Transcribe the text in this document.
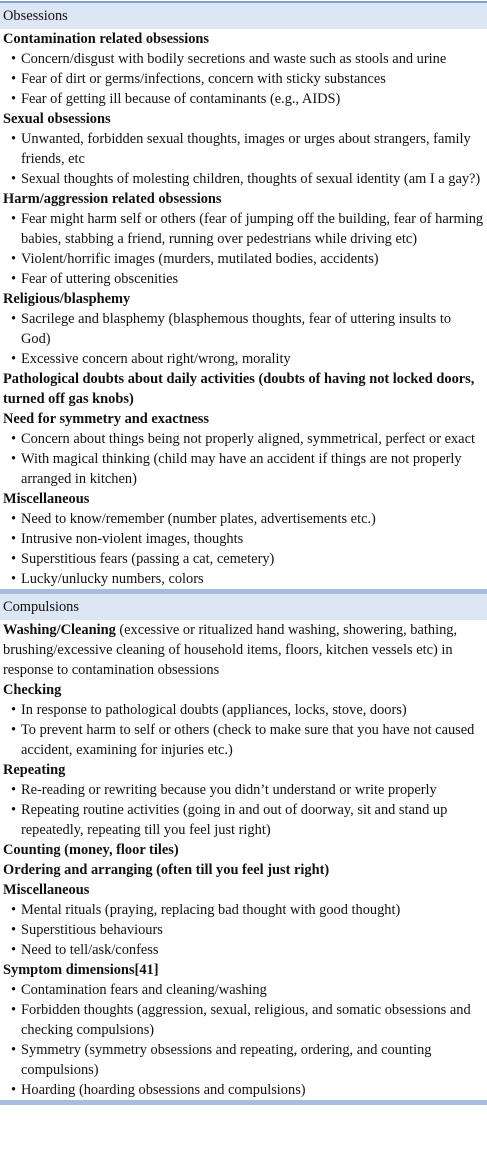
Obsessions
Contamination related obsessions
• Concern/disgust with bodily secretions and waste such as stools and urine
• Fear of dirt or germs/infections, concern with sticky substances
• Fear of getting ill because of contaminants (e.g., AIDS)
Sexual obsessions
• Unwanted, forbidden sexual thoughts, images or urges about strangers, family friends, etc
• Sexual thoughts of molesting children, thoughts of sexual identity (am I a gay?)
Harm/aggression related obsessions
• Fear might harm self or others (fear of jumping off the building, fear of harming babies, stabbing a friend, running over pedestrians while driving etc)
• Violent/horrific images (murders, mutilated bodies, accidents)
• Fear of uttering obscenities
Religious/blasphemy
• Sacrilege and blasphemy (blasphemous thoughts, fear of uttering insults to God)
• Excessive concern about right/wrong, morality
Pathological doubts about daily activities (doubts of having not locked doors, turned off gas knobs)
Need for symmetry and exactness
• Concern about things being not properly aligned, symmetrical, perfect or exact
• With magical thinking (child may have an accident if things are not properly arranged in kitchen)
Miscellaneous
• Need to know/remember (number plates, advertisements etc.)
• Intrusive non-violent images, thoughts
• Superstitious fears (passing a cat, cemetery)
• Lucky/unlucky numbers, colors
Compulsions
Washing/Cleaning (excessive or ritualized hand washing, showering, bathing, brushing/excessive cleaning of household items, floors, kitchen vessels etc) in response to contamination obsessions
Checking
• In response to pathological doubts (appliances, locks, stove, doors)
• To prevent harm to self or others (check to make sure that you have not caused accident, examining for injuries etc.)
Repeating
• Re-reading or rewriting because you didn’t understand or write properly
• Repeating routine activities (going in and out of doorway, sit and stand up repeatedly, repeating till you feel just right)
Counting (money, floor tiles)
Ordering and arranging (often till you feel just right)
Miscellaneous
• Mental rituals (praying, replacing bad thought with good thought)
• Superstitious behaviours
• Need to tell/ask/confess
Symptom dimensions[41]
• Contamination fears and cleaning/washing
• Forbidden thoughts (aggression, sexual, religious, and somatic obsessions and checking compulsions)
• Symmetry (symmetry obsessions and repeating, ordering, and counting compulsions)
• Hoarding (hoarding obsessions and compulsions)
